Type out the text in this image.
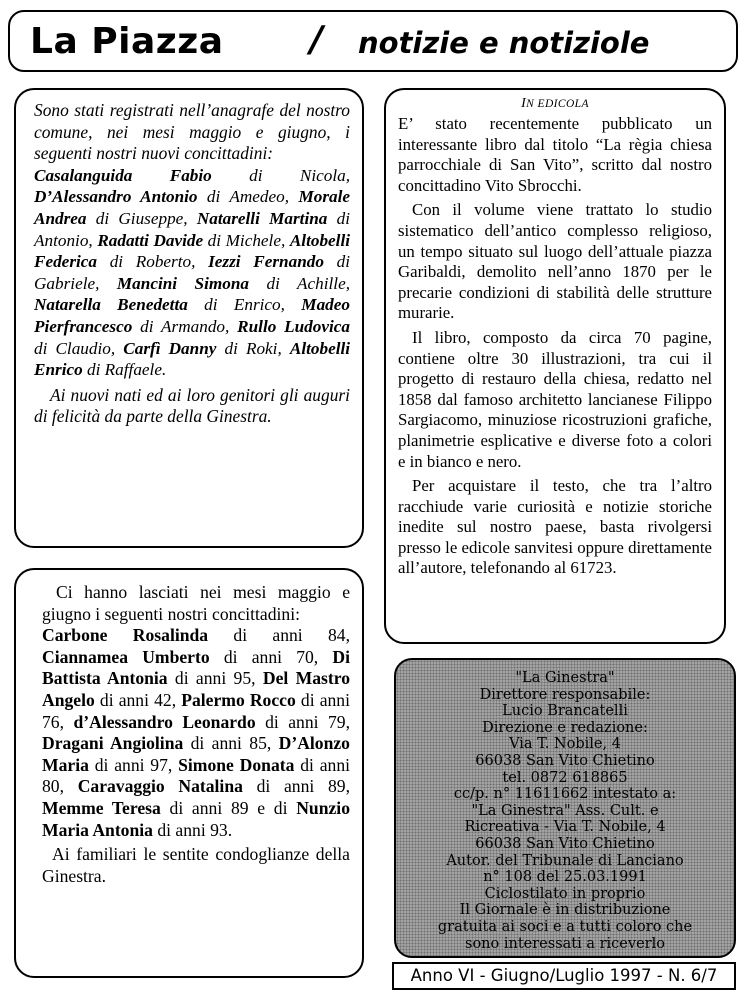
La Piazza / notizie e notiziole

Sono stati registrati nell’anagrafe del nostro comune, nei mesi maggio e giugno, i seguenti nostri nuovi concittadini:

Casalanguida Fabio di Nicola, D’Alessandro Antonio di Amedeo, Morale Andrea di Giuseppe, Natarelli Martina di Antonio, Radatti Davide di Michele, Altobelli Federica di Roberto, Iezzi Fernando di Gabriele, Mancini Simona di Achille, Natarella Benedetta di Enrico, Madeo Pierfrancesco di Armando, Rullo Ludovica di Claudio, Carfì Danny di Roki, Altobelli Enrico di Raffaele.

Ai nuovi nati ed ai loro genitori gli auguri di felicità da parte della Ginestra.

Ci hanno lasciati nei mesi maggio e giugno i seguenti nostri concittadini:

Carbone Rosalinda di anni 84, Ciannamea Umberto di anni 70, Di Battista Antonia di anni 95, Del Mastro Angelo di anni 42, Palermo Rocco di anni 76, d’Alessandro Leonardo di anni 79, Dragani Angiolina di anni 85, D’Alonzo Maria di anni 97, Simone Donata di anni 80, Caravaggio Natalina di anni 89, Memme Teresa di anni 89 e di Nunzio Maria Antonia di anni 93.

Ai familiari le sentite condoglianze della Ginestra.

IN EDICOLA

E’ stato recentemente pubblicato un interessante libro dal titolo “La règia chiesa parrocchiale di San Vito”, scritto dal nostro concittadino Vito Sbrocchi.

Con il volume viene trattato lo studio sistematico dell’antico complesso religioso, un tempo situato sul luogo dell’attuale piazza Garibaldi, demolito nell’anno 1870 per le precarie condizioni di stabilità delle strutture murarie.

Il libro, composto da circa 70 pagine, contiene oltre 30 illustrazioni, tra cui il progetto di restauro della chiesa, redatto nel 1858 dal famoso architetto lancianese Filippo Sargiacomo, minuziose ricostruzioni grafiche, planimetrie esplicative e diverse foto a colori e in bianco e nero.

Per acquistare il testo, che tra l’altro racchiude varie curiosità e notizie storiche inedite sul nostro paese, basta rivolgersi presso le edicole sanvitesi oppure direttamente all’autore, telefonando al 61723.

"La Ginestra"
Direttore responsabile:
Lucio Brancatelli
Direzione e redazione:
Via T. Nobile, 4
66038 San Vito Chietino
tel. 0872 618865
cc/p. n° 11611662 intestato a:
"La Ginestra" Ass. Cult. e
Ricreativa - Via T. Nobile, 4
66038 San Vito Chietino
Autor. del Tribunale di Lanciano
n° 108 del 25.03.1991
Ciclostilato in proprio
Il Giornale è in distribuzione
gratuita ai soci e a tutti coloro che
sono interessati a riceverlo
Anno VI - Giugno/Luglio 1997 - N. 6/7
